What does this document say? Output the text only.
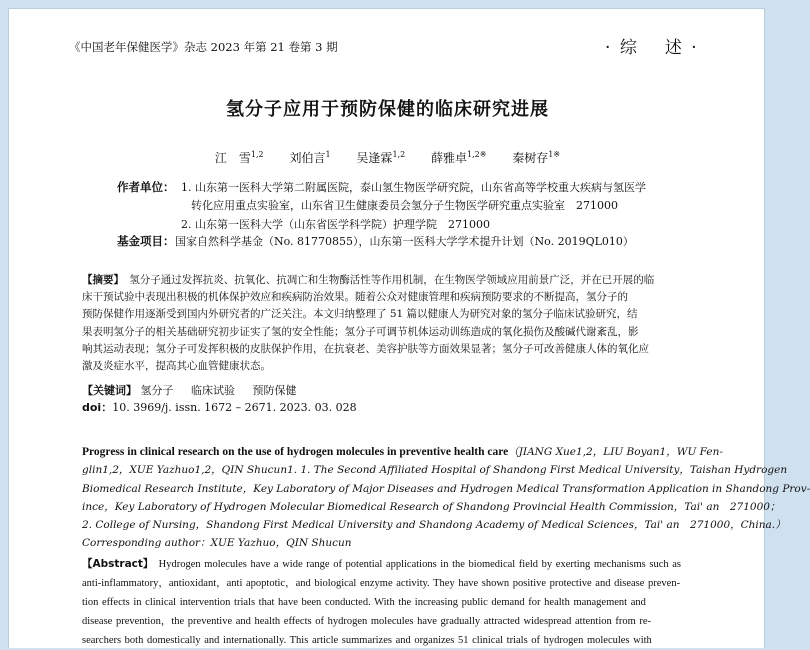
《中国老年保健医学》杂志 2023 年第 21 卷第 3 期	· 综 述 ·
氢分子应用于预防保健的临床研究进展
江　雪$^{1,2}$ 刘伯言$^1$ 吴逢霖$^{1,2}$ 薛雅卓$^{1,2※}$ 秦树存$^{1※}$
作者单位： 1. 山东第一医科大学第二附属医院，泰山氢生物医学研究院，山东省高等学校重大疾病与氢医学
转化应用重点实验室，山东省卫生健康委员会氢分子生物医学研究重点实验室　271000
2. 山东第一医科大学（山东省医学科学院）护理学院　271000
基金项目： 国家自然科学基金（No. 81770855），山东第一医科大学学术提升计划（No. 2019QL010）
【摘要】　氢分子通过发挥抗炎、抗氧化、抗凋亡和生物酶活性等作用机制，在生物医学领域应用前景广泛，并在已开展的临
床干预试验中表现出积极的机体保护效应和疾病防治效果。随着公众对健康管理和疾病预防要求的不断提高，氢分子的
预防保健作用逐渐受到国内外研究者的广泛关注。本文归纳整理了 51 篇以健康人为研究对象的氢分子临床试验研究，结
果表明氢分子的相关基础研究初步证实了氢的安全性能；氢分子可调节机体运动训练造成的氧化损伤及酸碱代谢紊乱，影
响其运动表现；氢分子可发挥积极的皮肤保护作用，在抗衰老、美容护肤等方面效果显著；氢分子可改善健康人体的氧化应
激及炎症水平，提高其心血管健康状态。
【关键词】 氢分子 临床试验 预防保健
doi：10. 3969/j. issn. 1672 – 2671. 2023. 03. 028
Progress in clinical research on the use of hydrogen molecules in preventive health care（JIANG Xue1,2，LIU Boyan1，WU Fen-
glin1,2，XUE Yazhuo1,2，QIN Shucun1. 1. The Second Affiliated Hospital of Shandong First Medical University，Taishan Hydrogen
Biomedical Research Institute，Key Laboratory of Major Diseases and Hydrogen Medical Transformation Application in Shandong Prov-
ince，Key Laboratory of Hydrogen Molecular Biomedical Research of Shandong Provincial Health Commission，Tai' an　271000；
2. College of Nursing，Shandong First Medical University and Shandong Academy of Medical Sciences，Tai' an　271000，China.）
Corresponding author：XUE Yazhuo，QIN Shucun
【Abstract】　Hydrogen molecules have a wide range of potential applications in the biomedical field by exerting mechanisms such as
anti-inflammatory，antioxidant，anti apoptotic，and biological enzyme activity. They have shown positive protective and disease preven-
tion effects in clinical intervention trials that have been conducted. With the increasing public demand for health management and
disease prevention，the preventive and health effects of hydrogen molecules have gradually attracted widespread attention from re-
searchers both domestically and internationally. This article summarizes and organizes 51 clinical trials of hydrogen molecules with
